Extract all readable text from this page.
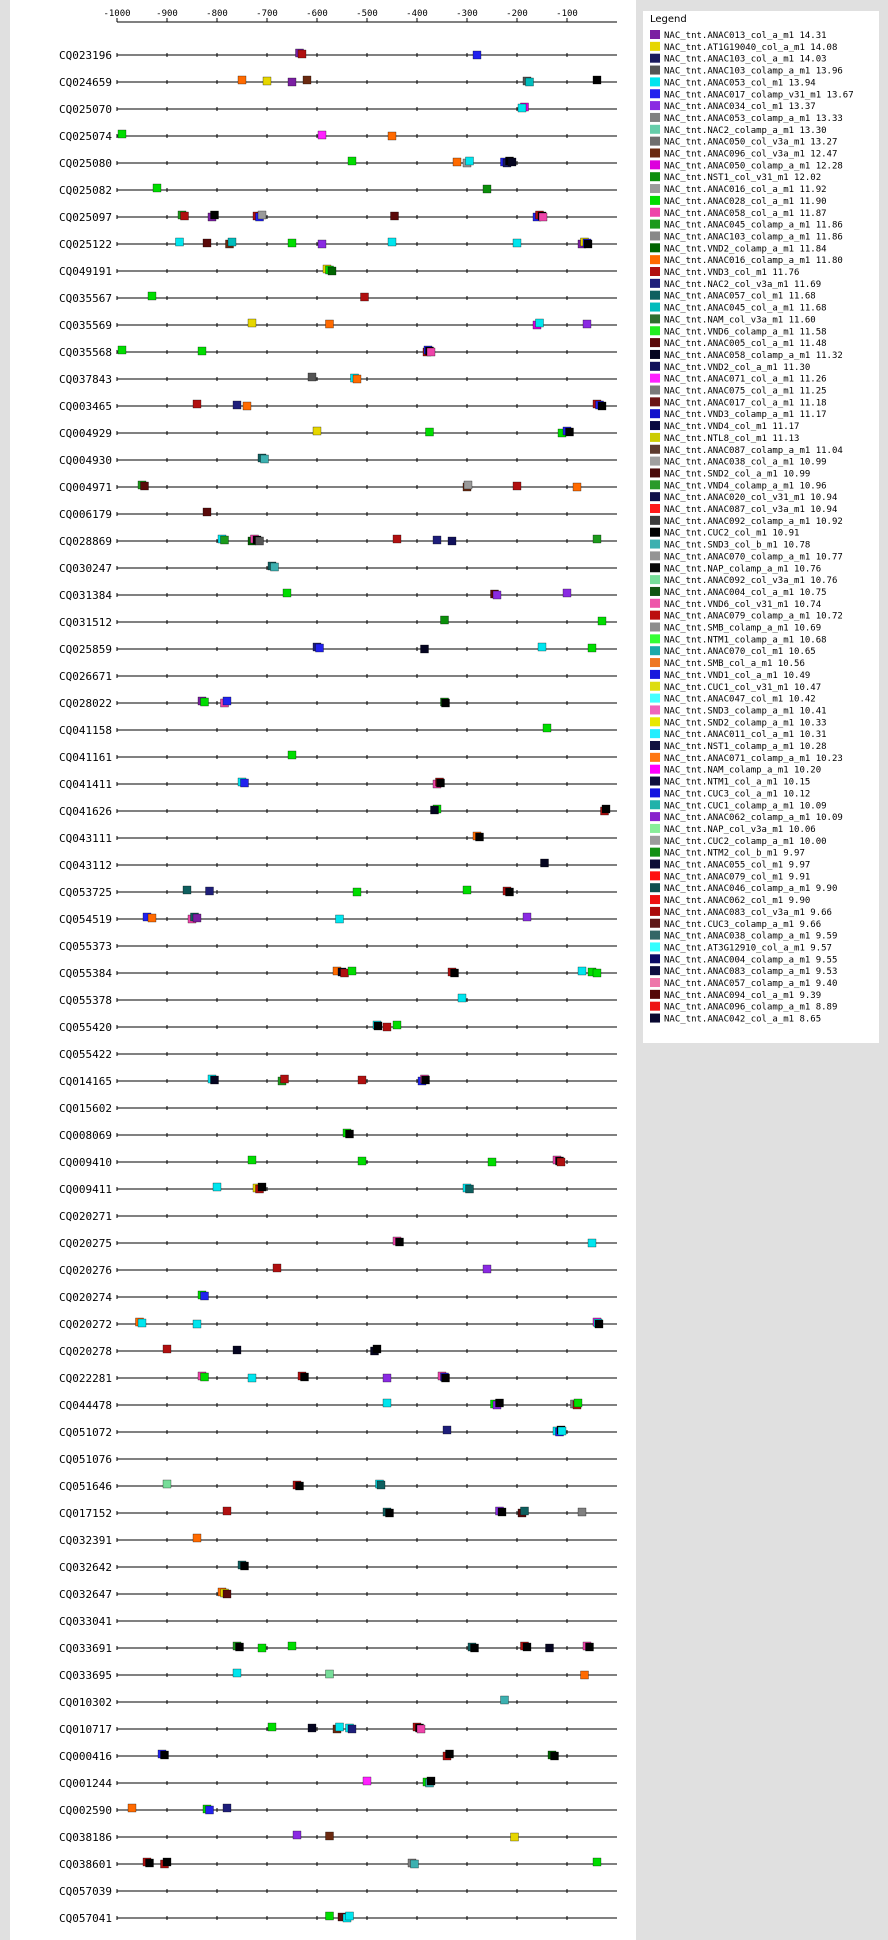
-1000	-900	-800	-700	-600	-500	-400	-300	-200	-100
CQ023196
CQ024659
CQ025070
CQ025074
CQ025080
CQ025082
CQ025097
CQ025122
CQ049191
CQ035567
CQ035569
CQ035568
CQ037843
CQ003465
CQ004929
CQ004930
CQ004971
CQ006179
CQ028869
CQ030247
CQ031384
CQ031512
CQ025859
CQ026671
CQ028022
CQ041158
CQ041161
CQ041411
CQ041626
CQ043111
CQ043112
CQ053725
CQ054519
CQ055373
CQ055384
CQ055378
CQ055420
CQ055422
CQ014165
CQ015602
CQ008069
CQ009410
CQ009411
CQ020271
CQ020275
CQ020276
CQ020274
CQ020272
CQ020278
CQ022281
CQ044478
CQ051072
CQ051076
CQ051646
CQ017152
CQ032391
CQ032642
CQ032647
CQ033041
CQ033691
CQ033695
CQ010302
CQ010717
CQ000416
CQ001244
CQ002590
CQ038186
CQ038601
CQ057039
CQ057041
Legend
NAC_tnt.ANAC013_col_a_m1 14.31
NAC_tnt.AT1G19040_col_a_m1 14.08
NAC_tnt.ANAC103_col_a_m1 14.03
NAC_tnt.ANAC103_colamp_a_m1 13.96
NAC_tnt.ANAC053_col_m1 13.94
NAC_tnt.ANAC017_colamp_v31_m1 13.67
NAC_tnt.ANAC034_col_m1 13.37
NAC_tnt.ANAC053_colamp_a_m1 13.33
NAC_tnt.NAC2_colamp_a_m1 13.30
NAC_tnt.ANAC050_col_v3a_m1 13.27
NAC_tnt.ANAC096_col_v3a_m1 12.47
NAC_tnt.ANAC050_colamp_a_m1 12.28
NAC_tnt.NST1_col_v31_m1 12.02
NAC_tnt.ANAC016_col_a_m1 11.92
NAC_tnt.ANAC028_col_a_m1 11.90
NAC_tnt.ANAC058_col_a_m1 11.87
NAC_tnt.ANAC045_colamp_a_m1 11.86
NAC_tnt.ANAC103_colamp_a_m1 11.86
NAC_tnt.VND2_colamp_a_m1 11.84
NAC_tnt.ANAC016_colamp_a_m1 11.80
NAC_tnt.VND3_col_m1 11.76
NAC_tnt.NAC2_col_v3a_m1 11.69
NAC_tnt.ANAC057_col_m1 11.68
NAC_tnt.ANAC045_col_a_m1 11.68
NAC_tnt.NAM_col_v3a_m1 11.60
NAC_tnt.VND6_colamp_a_m1 11.58
NAC_tnt.ANAC005_col_a_m1 11.48
NAC_tnt.ANAC058_colamp_a_m1 11.32
NAC_tnt.VND2_col_a_m1 11.30
NAC_tnt.ANAC071_col_a_m1 11.26
NAC_tnt.ANAC075_col_a_m1 11.25
NAC_tnt.ANAC017_col_a_m1 11.18
NAC_tnt.VND3_colamp_a_m1 11.17
NAC_tnt.VND4_col_m1 11.17
NAC_tnt.NTL8_col_m1 11.13
NAC_tnt.ANAC087_colamp_a_m1 11.04
NAC_tnt.ANAC038_col_a_m1 10.99
NAC_tnt.SND2_col_a_m1 10.99
NAC_tnt.VND4_colamp_a_m1 10.96
NAC_tnt.ANAC020_col_v31_m1 10.94
NAC_tnt.ANAC087_col_v3a_m1 10.94
NAC_tnt.ANAC092_colamp_a_m1 10.92
NAC_tnt.CUC2_col_m1 10.91
NAC_tnt.SND3_col_b_m1 10.78
NAC_tnt.ANAC070_colamp_a_m1 10.77
NAC_tnt.NAP_colamp_a_m1 10.76
NAC_tnt.ANAC092_col_v3a_m1 10.76
NAC_tnt.ANAC004_col_a_m1 10.75
NAC_tnt.VND6_col_v31_m1 10.74
NAC_tnt.ANAC079_colamp_a_m1 10.72
NAC_tnt.SMB_colamp_a_m1 10.69
NAC_tnt.NTM1_colamp_a_m1 10.68
NAC_tnt.ANAC070_col_m1 10.65
NAC_tnt.SMB_col_a_m1 10.56
NAC_tnt.VND1_col_a_m1 10.49
NAC_tnt.CUC1_col_v31_m1 10.47
NAC_tnt.ANAC047_col_m1 10.42
NAC_tnt.SND3_colamp_a_m1 10.41
NAC_tnt.SND2_colamp_a_m1 10.33
NAC_tnt.ANAC011_col_a_m1 10.31
NAC_tnt.NST1_colamp_a_m1 10.28
NAC_tnt.ANAC071_colamp_a_m1 10.23
NAC_tnt.NAM_colamp_a_m1 10.20
NAC_tnt.NTM1_col_a_m1 10.15
NAC_tnt.CUC3_col_a_m1 10.12
NAC_tnt.CUC1_colamp_a_m1 10.09
NAC_tnt.ANAC062_colamp_a_m1 10.09
NAC_tnt.NAP_col_v3a_m1 10.06
NAC_tnt.CUC2_colamp_a_m1 10.00
NAC_tnt.NTM2_col_b_m1 9.97
NAC_tnt.ANAC055_col_m1 9.97
NAC_tnt.ANAC079_col_m1 9.91
NAC_tnt.ANAC046_colamp_a_m1 9.90
NAC_tnt.ANAC062_col_m1 9.90
NAC_tnt.ANAC083_col_v3a_m1 9.66
NAC_tnt.CUC3_colamp_a_m1 9.66
NAC_tnt.ANAC038_colamp_a_m1 9.59
NAC_tnt.AT3G12910_col_a_m1 9.57
NAC_tnt.ANAC004_colamp_a_m1 9.55
NAC_tnt.ANAC083_colamp_a_m1 9.53
NAC_tnt.ANAC057_colamp_a_m1 9.40
NAC_tnt.ANAC094_col_a_m1 9.39
NAC_tnt.ANAC096_colamp_a_m1 8.89
NAC_tnt.ANAC042_col_a_m1 8.65
